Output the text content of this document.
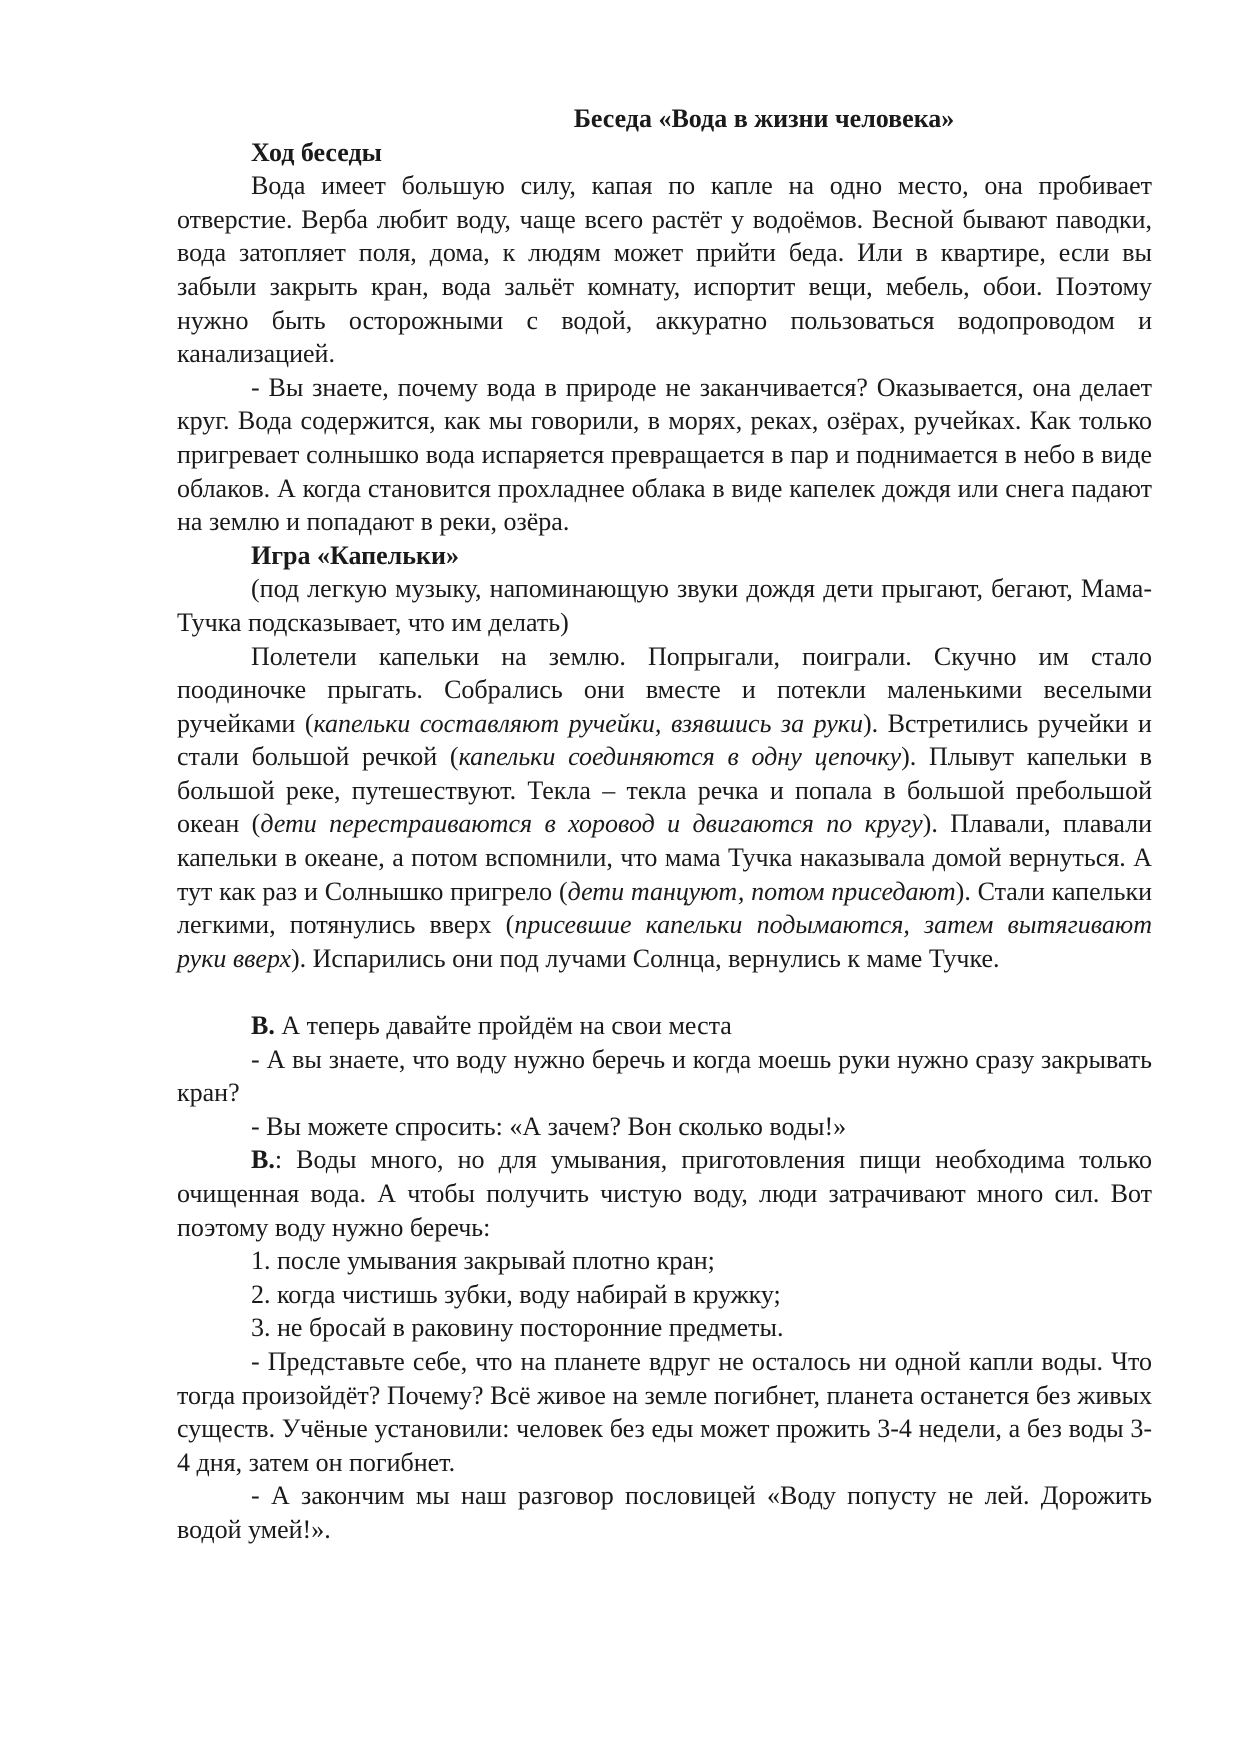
Беседа «Вода в жизни человека»

Ход беседы

Вода имеет большую силу, капая по капле на одно место, она пробивает отверстие. Верба любит воду, чаще всего растёт у водоёмов. Весной бывают паводки, вода затопляет поля, дома, к людям может прийти беда. Или в квартире, если вы забыли закрыть кран, вода зальёт комнату, испортит вещи, мебель, обои. Поэтому нужно быть осторожными с водой, аккуратно пользоваться водопроводом и канализацией.

- Вы знаете, почему вода в природе не заканчивается? Оказывается, она делает круг. Вода содержится, как мы говорили, в морях, реках, озёрах, ручейках. Как только пригревает солнышко вода испаряется превращается в пар и поднимается в небо в виде облаков. А когда становится прохладнее облака в виде капелек дождя или снега падают на землю и попадают в реки, озёра.

Игра «Капельки»

(под легкую музыку, напоминающую звуки дождя дети прыгают, бегают, Мама-Тучка подсказывает, что им делать)

Полетели капельки на землю. Попрыгали, поиграли. Скучно им стало поодиночке прыгать. Собрались они вместе и потекли маленькими веселыми ручейками (капельки составляют ручейки, взявшись за руки). Встретились ручейки и стали большой речкой (капельки соединяются в одну цепочку). Плывут капельки в большой реке, путешествуют. Текла – текла речка и попала в большой пребольшой океан (дети перестраиваются в хоровод и двигаются по кругу). Плавали, плавали капельки в океане, а потом вспомнили, что мама Тучка наказывала домой вернуться. А тут как раз и Солнышко пригрело (дети танцуют, потом приседают). Стали капельки легкими, потянулись вверх (присевшие капельки подымаются, затем вытягивают руки вверх). Испарились они под лучами Солнца, вернулись к маме Тучке.

В. А теперь давайте пройдём на свои места

- А вы знаете, что воду нужно беречь и когда моешь руки нужно сразу закрывать кран?

- Вы можете спросить: «А зачем? Вон сколько воды!»

В.: Воды много, но для умывания, приготовления пищи необходима только очищенная вода. А чтобы получить чистую воду, люди затрачивают много сил. Вот поэтому воду нужно беречь:

1. после умывания закрывай плотно кран;

2. когда чистишь зубки, воду набирай в кружку;

3. не бросай в раковину посторонние предметы.

- Представьте себе, что на планете вдруг не осталось ни одной капли воды. Что тогда произойдёт? Почему? Всё живое на земле погибнет, планета останется без живых существ. Учёные установили: человек без еды может прожить 3-4 недели, а без воды 3-4 дня, затем он погибнет.

- А закончим мы наш разговор пословицей «Воду попусту не лей. Дорожить водой умей!».
